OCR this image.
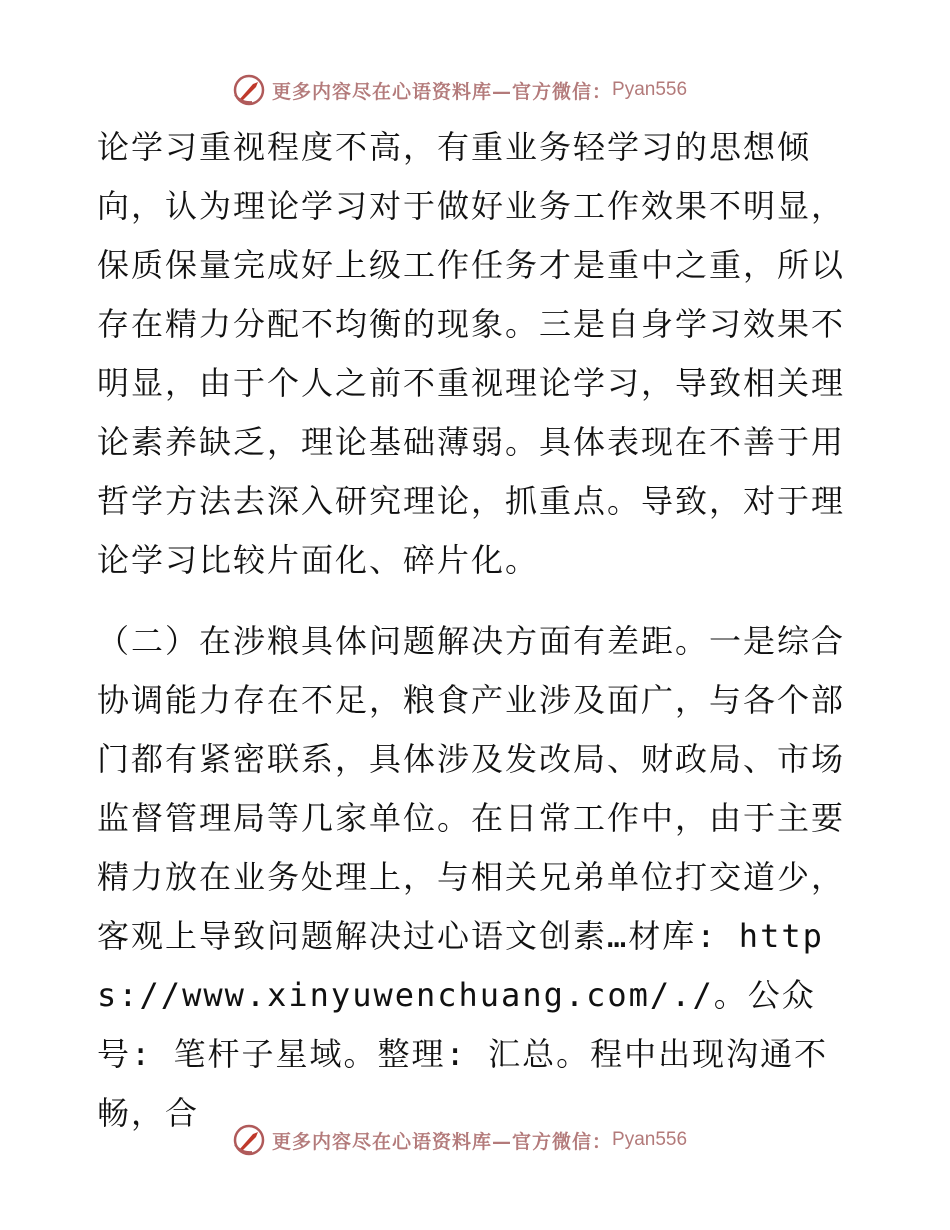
更多内容尽在心语资料库—官方微信： Pyan556

论学习重视程度不高，有重业务轻学习的思想倾向，认为理论学习对于做好业务工作效果不明显，保质保量完成好上级工作任务才是重中之重，所以存在精力分配不均衡的现象。三是自身学习效果不明显，由于个人之前不重视理论学习，导致相关理论素养缺乏，理论基础薄弱。具体表现在不善于用哲学方法去深入研究理论，抓重点。导致，对于理论学习比较片面化、碎片化。

（二）在涉粮具体问题解决方面有差距。一是综合协调能力存在不足，粮食产业涉及面广，与各个部门都有紧密联系，具体涉及发改局、财政局、市场监督管理局等几家单位。在日常工作中，由于主要精力放在业务处理上，与相关兄弟单位打交道少，客观上导致问题解决过心语文创素…材库: https://www.xinyuwenchuang.com/./。公众号: 笔杆子星域。整理: 汇总。程中出现沟通不畅，合

更多内容尽在心语资料库—官方微信： Pyan556
